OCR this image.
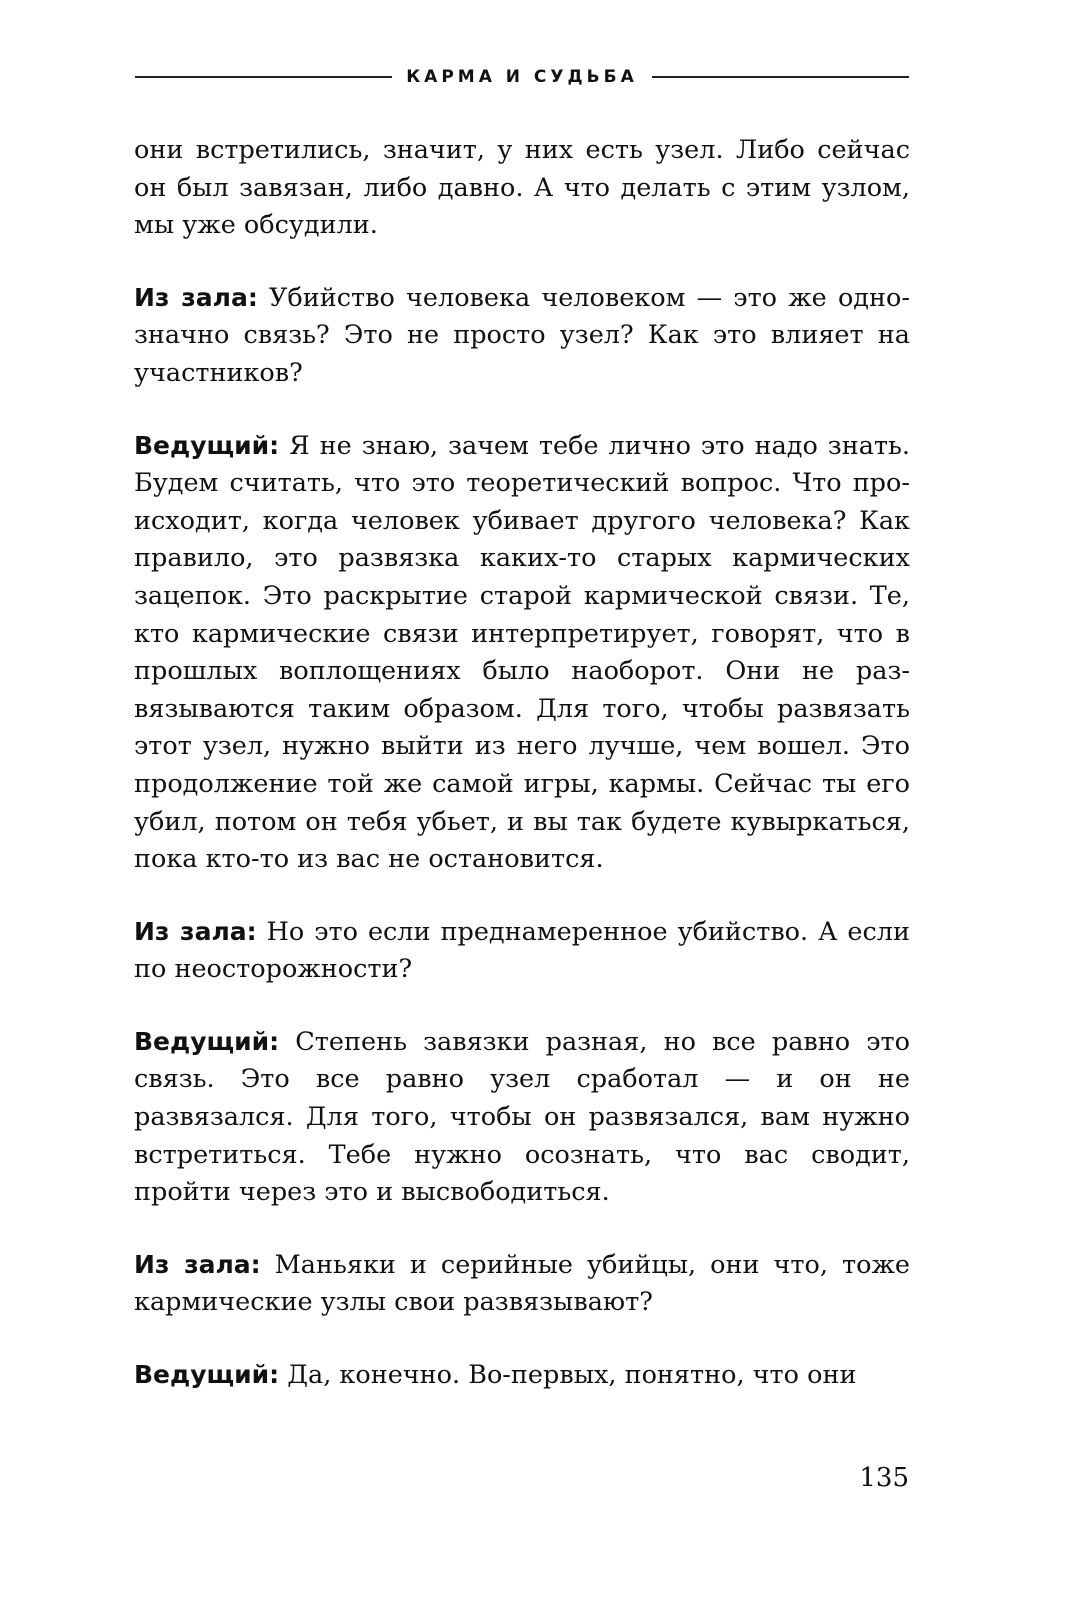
КАРМА И СУДЬБА

они встретились, значит, у них есть узел. Либо сейчас он был завязан, либо давно. А что делать с этим узлом, мы уже обсудили.

Из зала: Убийство человека человеком — это же однозначно связь? Это не просто узел? Как это влияет на участников?

Ведущий: Я не знаю, зачем тебе лично это надо знать. Будем считать, что это теоретический вопрос. Что происходит, когда человек убивает другого человека? Как правило, это развязка каких-то старых кармических зацепок. Это раскрытие старой кармической связи. Те, кто кармические связи интерпретирует, говорят, что в прошлых воплощениях было наоборот. Они не развязываются таким образом. Для того, чтобы развязать этот узел, нужно выйти из него лучше, чем вошел. Это продолжение той же самой игры, кармы. Сейчас ты его убил, потом он тебя убьет, и вы так будете кувыркаться, пока кто-то из вас не остановится.

Из зала: Но это если преднамеренное убийство. А если по неосторожности?

Ведущий: Степень завязки разная, но все равно это связь. Это все равно узел сработал — и он не развязался. Для того, чтобы он развязался, вам нужно встретиться. Тебе нужно осознать, что вас сводит, пройти через это и высвободиться.

Из зала: Маньяки и серийные убийцы, они что, тоже кармические узлы свои развязывают?

Ведущий: Да, конечно. Во-первых, понятно, что они

135
